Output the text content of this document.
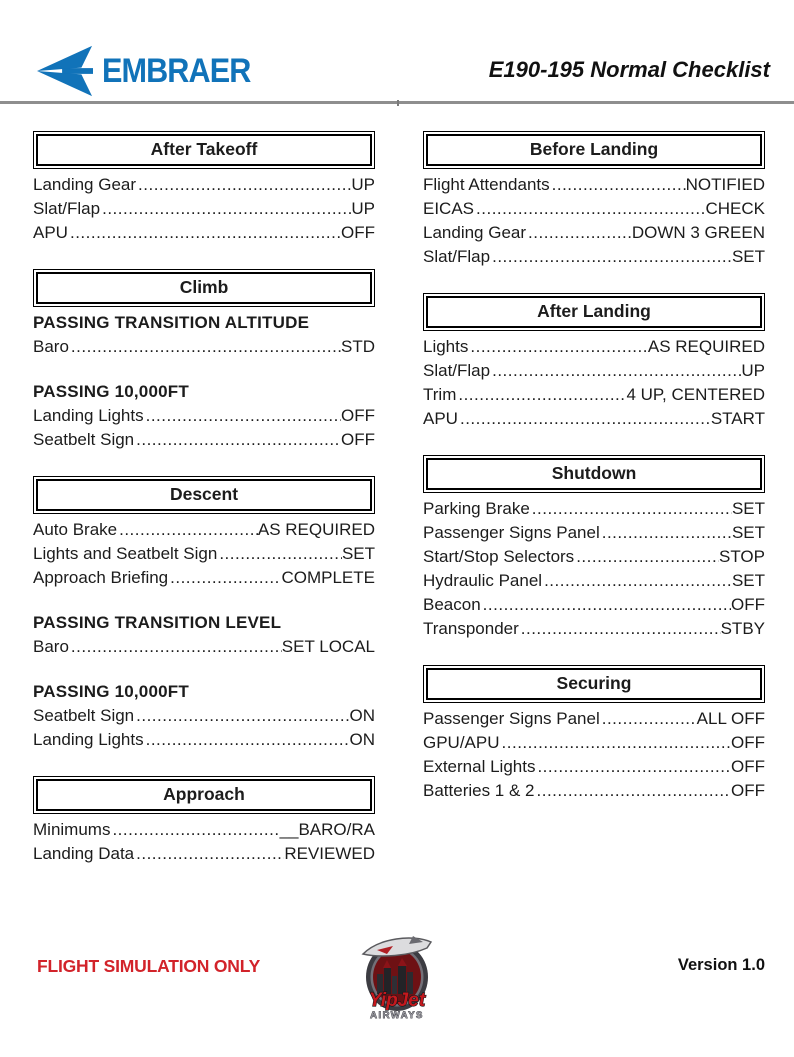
EMBRAER	E190-195 Normal Checklist
After Takeoff
Landing Gear .....	UP
Slat/Flap .....	UP
APU .....	OFF
Climb
PASSING TRANSITION ALTITUDE
Baro .....	STD
PASSING 10,000FT
Landing Lights .....	OFF
Seatbelt Sign .....	OFF
Descent
Auto Brake .....	AS REQUIRED
Lights and Seatbelt Sign .....	SET
Approach Briefing .....	COMPLETE
PASSING TRANSITION LEVEL
Baro .....	SET LOCAL
PASSING 10,000FT
Seatbelt Sign .....	ON
Landing Lights .....	ON
Approach
Minimums .....	__BARO/RA
Landing Data .....	REVIEWED
Before Landing
Flight Attendants .....	NOTIFIED
EICAS .....	CHECK
Landing Gear .....	DOWN 3 GREEN
Slat/Flap .....	SET
After Landing
Lights .....	AS REQUIRED
Slat/Flap .....	UP
Trim .....	4 UP, CENTERED
APU .....	START
Shutdown
Parking Brake .....	SET
Passenger Signs Panel .....	SET
Start/Stop Selectors .....	STOP
Hydraulic Panel .....	SET
Beacon .....	OFF
Transponder .....	STBY
Securing
Passenger Signs Panel .....	ALL OFF
GPU/APU .....	OFF
External Lights .....	OFF
Batteries 1 & 2 .....	OFF
FLIGHT SIMULATION ONLY
YipJet
AIRWAYS
Version 1.0
